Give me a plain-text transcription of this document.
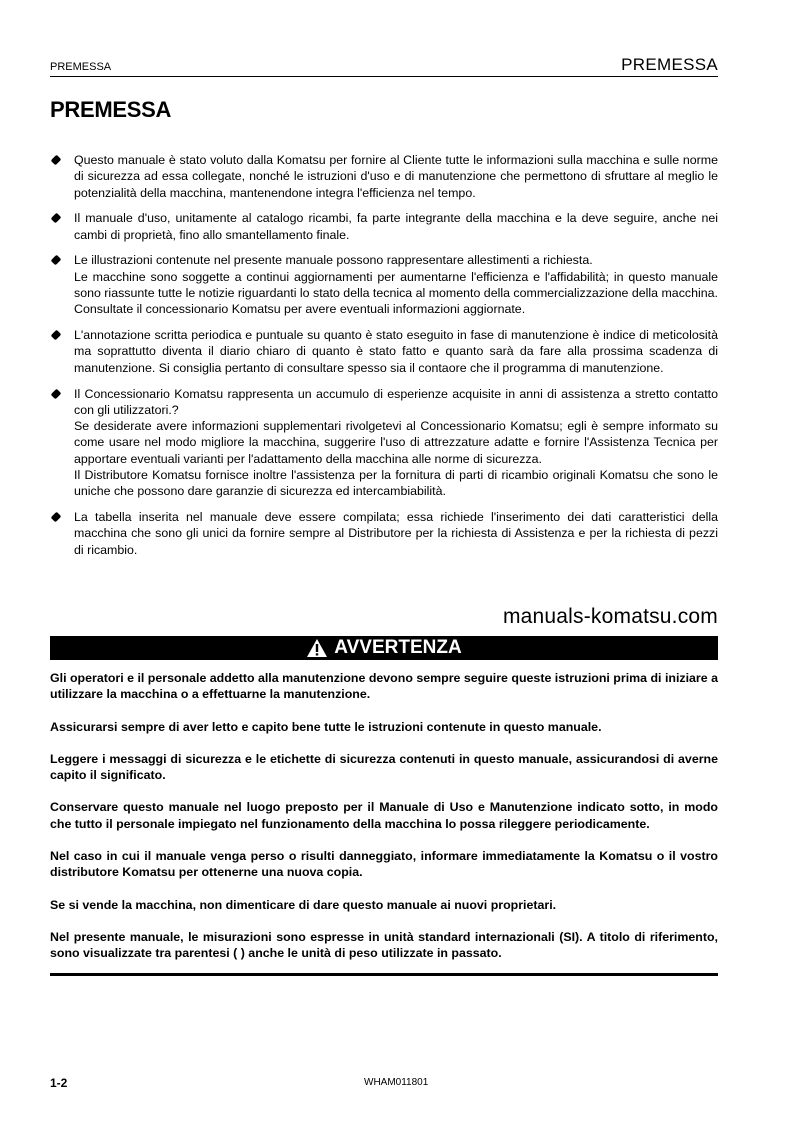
PREMESSA	PREMESSA
PREMESSA

Questo manuale è stato voluto dalla Komatsu per fornire al Cliente tutte le informazioni sulla macchina e sulle norme di sicurezza ad essa collegate, nonché le istruzioni d'uso e di manutenzione che permettono di sfruttare al meglio le potenzialità della macchina, mantenendone integra l'efficienza nel tempo.

Il manuale d'uso, unitamente al catalogo ricambi, fa parte integrante della macchina e la deve seguire, anche nei cambi di proprietà, fino allo smantellamento finale.

Le illustrazioni contenute nel presente manuale possono rappresentare allestimenti a richiesta.

Le macchine sono soggette a continui aggiornamenti per aumentarne l'efficienza e l'affidabilità; in questo manuale sono riassunte tutte le notizie riguardanti lo stato della tecnica al momento della commercializzazione della macchina.

Consultate il concessionario Komatsu per avere eventuali informazioni aggiornate.

L'annotazione scritta periodica e puntuale su quanto è stato eseguito in fase di manutenzione è indice di meticolosità ma soprattutto diventa il diario chiaro di quanto è stato fatto e quanto sarà da fare alla prossima scadenza di manutenzione. Si consiglia pertanto di consultare spesso sia il contaore che il programma di manutenzione.

Il Concessionario Komatsu rappresenta un accumulo di esperienze acquisite in anni di assistenza a stretto contatto con gli utilizzatori.?

Se desiderate avere informazioni supplementari rivolgetevi al Concessionario Komatsu; egli è sempre informato su come usare nel modo migliore la macchina, suggerire l'uso di attrezzature adatte e fornire l'Assistenza Tecnica per apportare eventuali varianti per l'adattamento della macchina alle norme di sicurezza.

Il Distributore Komatsu fornisce inoltre l'assistenza per la fornitura di parti di ricambio originali Komatsu che sono le uniche che possono dare garanzie di sicurezza ed intercambiabilità.

La tabella inserita nel manuale deve essere compilata; essa richiede l'inserimento dei dati caratteristici della macchina che sono gli unici da fornire sempre al Distributore per la richiesta di Assistenza e per la richiesta di pezzi di ricambio.

manuals-komatsu.com
AVVERTENZA

Gli operatori e il personale addetto alla manutenzione devono sempre seguire queste istruzioni prima di iniziare a utilizzare la macchina o a effettuarne la manutenzione.

Assicurarsi sempre di aver letto e capito bene tutte le istruzioni contenute in questo manuale.

Leggere i messaggi di sicurezza e le etichette di sicurezza contenuti in questo manuale, assicurandosi di averne capito il significato.

Conservare questo manuale nel luogo preposto per il Manuale di Uso e Manutenzione indicato sotto, in modo che tutto il personale impiegato nel funzionamento della macchina lo possa rileggere periodicamente.

Nel caso in cui il manuale venga perso o risulti danneggiato, informare immediatamente la Komatsu o il vostro distributore Komatsu per ottenerne una nuova copia.

Se si vende la macchina, non dimenticare di dare questo manuale ai nuovi proprietari.

Nel presente manuale, le misurazioni sono espresse in unità standard internazionali (SI). A titolo di riferimento, sono visualizzate tra parentesi ( ) anche le unità di peso utilizzate in passato.

1-2	WHAM011801
